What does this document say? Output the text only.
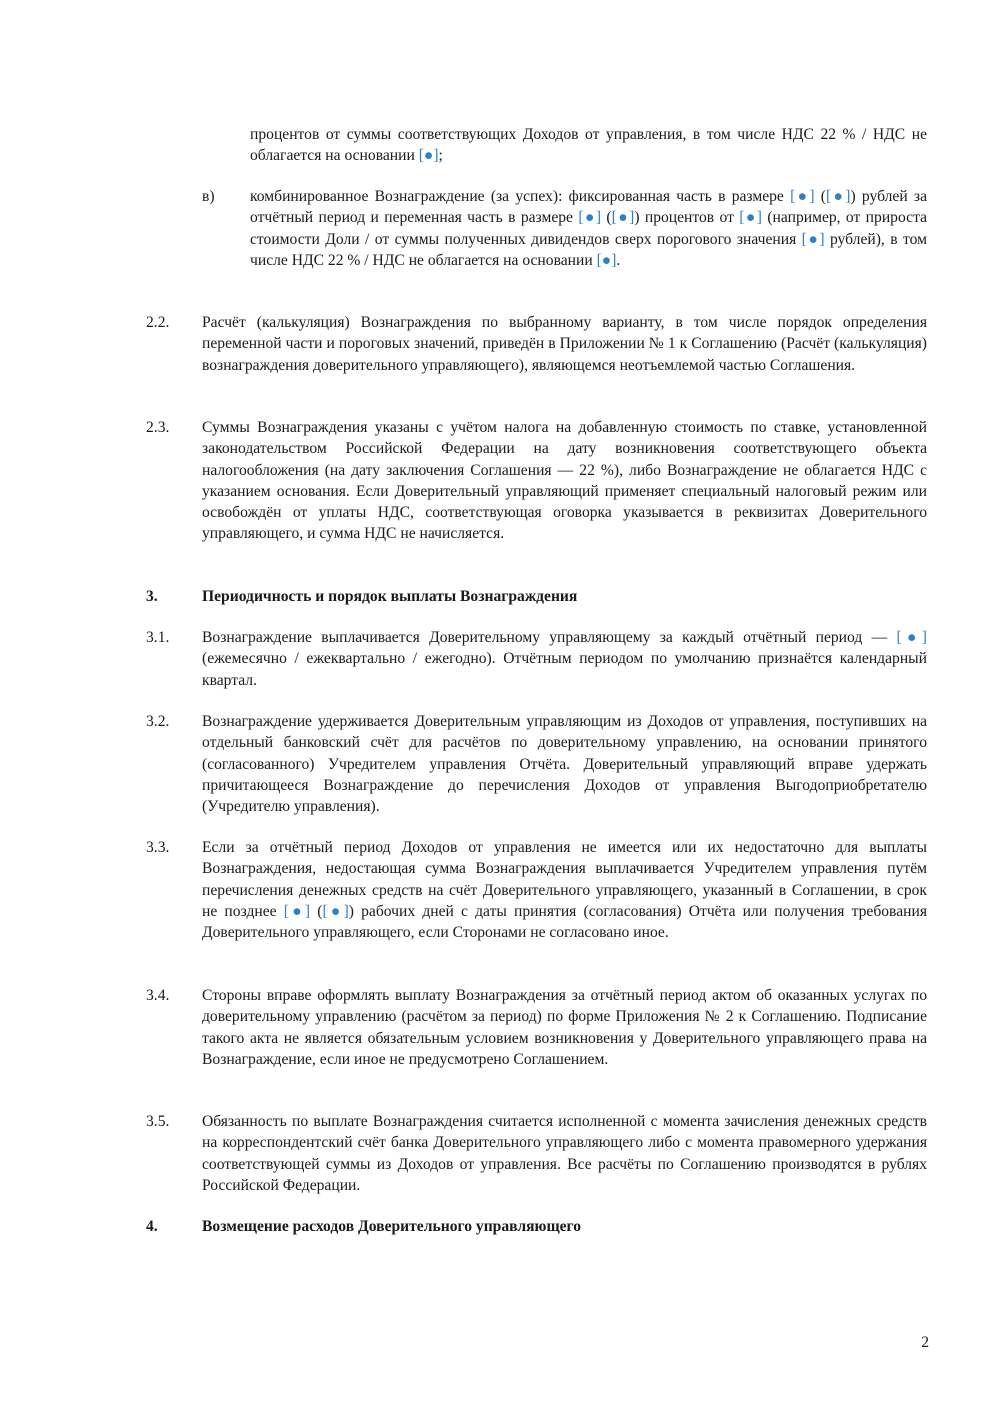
процентов от суммы соответствующих Доходов от управления, в том числе НДС 22 % / НДС не облагается на основании [●];
в) комбинированное Вознаграждение (за успех): фиксированная часть в размере [●] ([●]) рублей за отчётный период и переменная часть в размере [●] ([●]) процентов от [●] (например, от прироста стоимости Доли / от суммы полученных дивидендов сверх порогового значения [●] рублей), в том числе НДС 22 % / НДС не облагается на основании [●].
2.2. Расчёт (калькуляция) Вознаграждения по выбранному варианту, в том числе порядок определения переменной части и пороговых значений, приведён в Приложении № 1 к Соглашению (Расчёт (калькуляция) вознаграждения доверительного управляющего), являющемся неотъемлемой частью Соглашения.
2.3. Суммы Вознаграждения указаны с учётом налога на добавленную стоимость по ставке, установленной законодательством Российской Федерации на дату возникновения соответствующего объекта налогообложения (на дату заключения Соглашения — 22 %), либо Вознаграждение не облагается НДС с указанием основания. Если Доверительный управляющий применяет специальный налоговый режим или освобождён от уплаты НДС, соответствующая оговорка указывается в реквизитах Доверительного управляющего, и сумма НДС не начисляется.
3.	Периодичность и порядок выплаты Вознаграждения
3.1. Вознаграждение выплачивается Доверительному управляющему за каждый отчётный период — [●] (ежемесячно / ежеквартально / ежегодно). Отчётным периодом по умолчанию признаётся календарный квартал.
3.2. Вознаграждение удерживается Доверительным управляющим из Доходов от управления, поступивших на отдельный банковский счёт для расчётов по доверительному управлению, на основании принятого (согласованного) Учредителем управления Отчёта. Доверительный управляющий вправе удержать причитающееся Вознаграждение до перечисления Доходов от управления Выгодоприобретателю (Учредителю управления).
3.3. Если за отчётный период Доходов от управления не имеется или их недостаточно для выплаты Вознаграждения, недостающая сумма Вознаграждения выплачивается Учредителем управления путём перечисления денежных средств на счёт Доверительного управляющего, указанный в Соглашении, в срок не позднее [●] ([●]) рабочих дней с даты принятия (согласования) Отчёта или получения требования Доверительного управляющего, если Сторонами не согласовано иное.
3.4. Стороны вправе оформлять выплату Вознаграждения за отчётный период актом об оказанных услугах по доверительному управлению (расчётом за период) по форме Приложения № 2 к Соглашению. Подписание такого акта не является обязательным условием возникновения у Доверительного управляющего права на Вознаграждение, если иное не предусмотрено Соглашением.
3.5. Обязанность по выплате Вознаграждения считается исполненной с момента зачисления денежных средств на корреспондентский счёт банка Доверительного управляющего либо с момента правомерного удержания соответствующей суммы из Доходов от управления. Все расчёты по Соглашению производятся в рублях Российской Федерации.
4.	Возмещение расходов Доверительного управляющего
2
